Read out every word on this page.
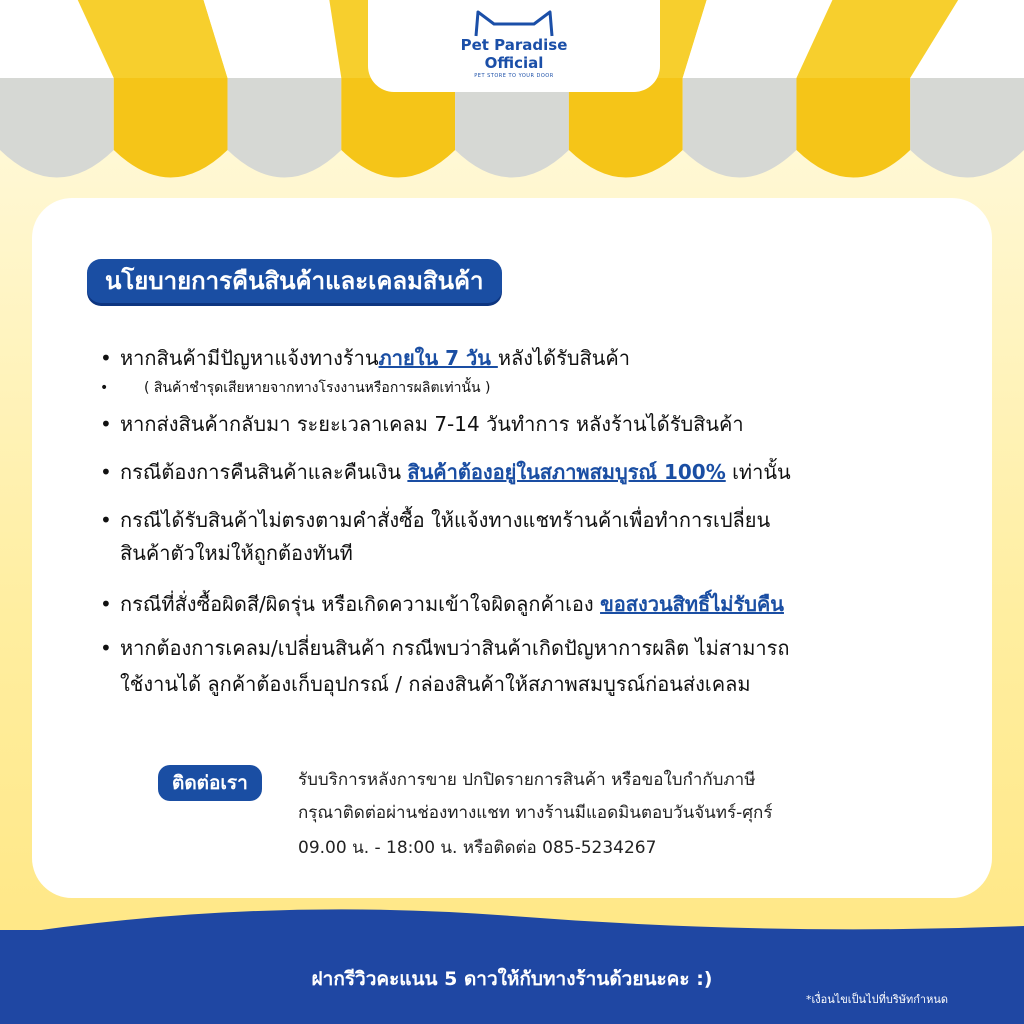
Pet Paradise
Official
PET STORE TO YOUR DOOR
นโยบายการคืนสินค้าและเคลมสินค้า
• หากสินค้ามีปัญหาแจ้งทางร้านภายใน 7 วัน หลังได้รับสินค้า
•	( สินค้าชำรุดเสียหายจากทางโรงงานหรือการผลิตเท่านั้น )
• หากส่งสินค้ากลับมา ระยะเวลาเคลม 7-14 วันทำการ หลังร้านได้รับสินค้า
• กรณีต้องการคืนสินค้าและคืนเงิน สินค้าต้องอยู่ในสภาพสมบูรณ์ 100% เท่านั้น
• กรณีได้รับสินค้าไม่ตรงตามคำสั่งซื้อ ให้แจ้งทางแชทร้านค้าเพื่อทำการเปลี่ยน
สินค้าตัวใหม่ให้ถูกต้องทันที
• กรณีที่สั่งซื้อผิดสี/ผิดรุ่น หรือเกิดความเข้าใจผิดลูกค้าเอง ขอสงวนสิทธิ์ไม่รับคืน
• หากต้องการเคลม/เปลี่ยนสินค้า กรณีพบว่าสินค้าเกิดปัญหาการผลิต ไม่สามารถ
ใช้งานได้ ลูกค้าต้องเก็บอุปกรณ์ / กล่องสินค้าให้สภาพสมบูรณ์ก่อนส่งเคลม
ติดต่อเรา	รับบริการหลังการขาย ปกปิดรายการสินค้า หรือขอใบกำกับภาษี
กรุณาติดต่อผ่านช่องทางแชท ทางร้านมีแอดมินตอบวันจันทร์-ศุกร์
09.00 น. - 18:00 น. หรือติดต่อ 085-5234267
ฝากรีวิวคะแนน 5 ดาวให้กับทางร้านด้วยนะคะ :)
*เงื่อนไขเป็นไปที่บริษัทกำหนด
